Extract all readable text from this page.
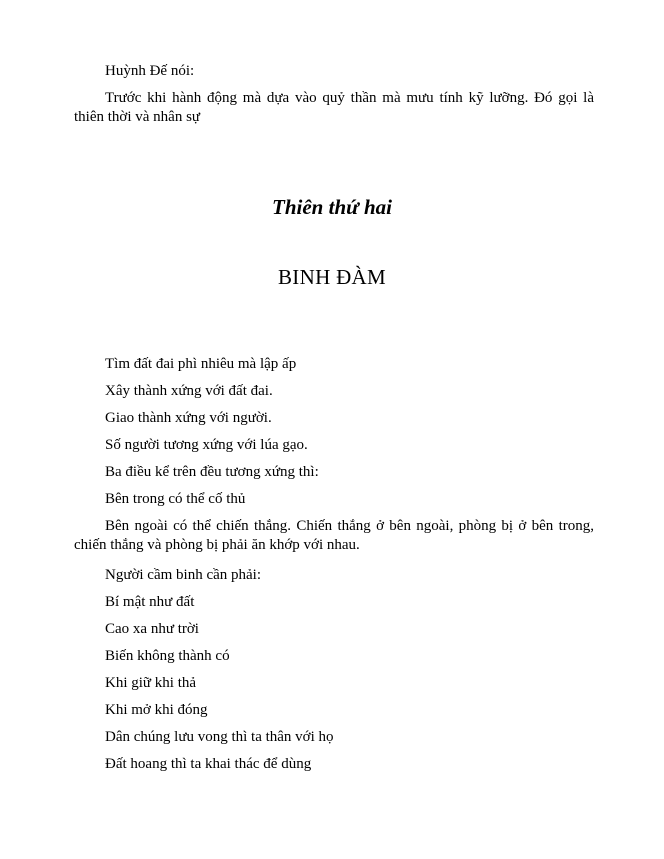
Huỳnh Đế nói:
Trước khi hành động mà dựa vào quỷ thần mà mưu tính kỹ lưỡng. Đó gọi là thiên thời và nhân sự
Thiên thứ hai
BINH ĐÀM
Tìm đất đai phì nhiêu mà lập ấp
Xây thành xứng với đất đai.
Giao thành xứng với người.
Số người tương xứng với lúa gạo.
Ba điều kể trên đều tương xứng thì:
Bên trong có thể cố thủ
Bên ngoài có thể chiến thắng. Chiến thắng ở bên ngoài, phòng bị ở bên trong, chiến thắng và phòng bị phải ăn khớp với nhau.
Người cầm binh cần phải:
Bí mật như đất
Cao xa như trời
Biến không thành có
Khi giữ khi thả
Khi mở khi đóng
Dân chúng lưu vong thì ta thân với họ
Đất hoang thì ta khai thác để dùng
